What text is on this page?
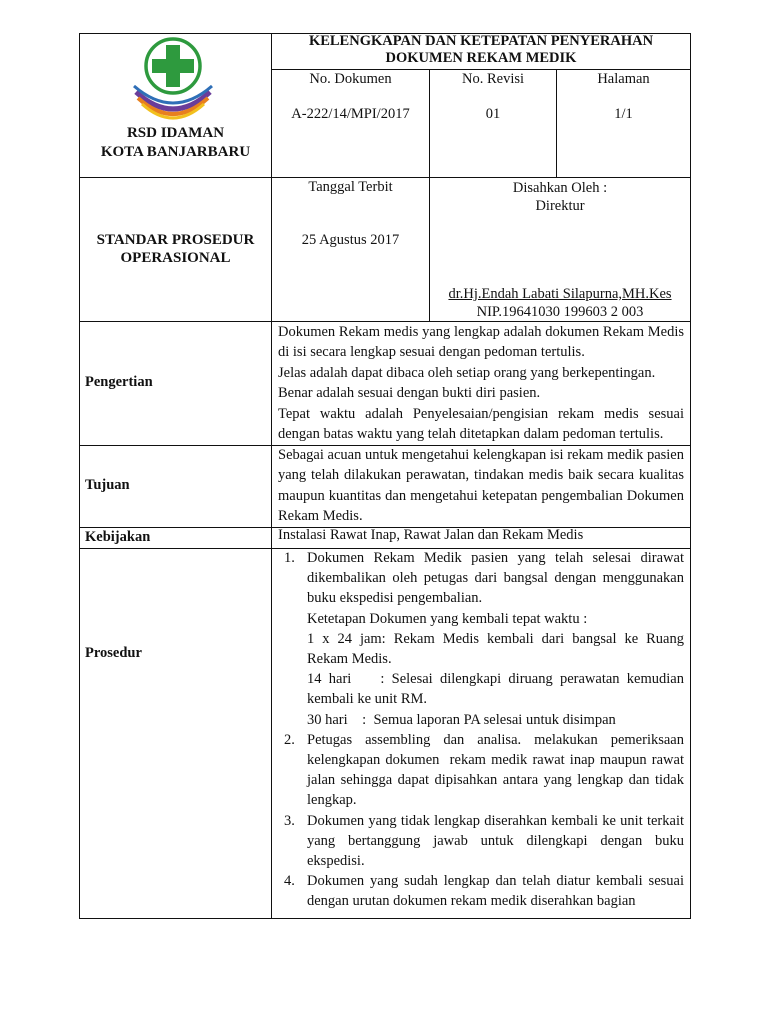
RSD IDAMAN
KOTA BANJARBARU
KELENGKAPAN DAN KETEPATAN PENYERAHAN
DOKUMEN REKAM MEDIK
No. Dokumen
A-222/14/MPI/2017
No. Revisi
01
Halaman
1/1
STANDAR PROSEDUR
OPERASIONAL
Tanggal Terbit
25 Agustus 2017
Disahkan Oleh :
Direktur
dr.Hj.Endah Labati Silapurna,MH.Kes
NIP.19641030 199603 2 003
Pengertian
Dokumen Rekam medis yang lengkap adalah dokumen Rekam Medis di isi secara lengkap sesuai dengan pedoman tertulis.
Jelas adalah dapat dibaca oleh setiap orang yang berkepentingan.
Benar adalah sesuai dengan bukti diri pasien.
Tepat waktu adalah Penyelesaian/pengisian rekam medis sesuai dengan batas waktu yang telah ditetapkan dalam pedoman tertulis.
Tujuan
Sebagai acuan untuk mengetahui kelengkapan isi rekam medik pasien yang telah dilakukan perawatan, tindakan medis baik secara kualitas maupun kuantitas dan mengetahui ketepatan pengembalian Dokumen Rekam Medis.
Kebijakan	Instalasi Rawat Inap, Rawat Jalan dan Rekam Medis
Prosedur
1. Dokumen Rekam Medik pasien yang telah selesai dirawat dikembalikan oleh petugas dari bangsal dengan menggunakan buku ekspedisi pengembalian.
Ketetapan Dokumen yang kembali tepat waktu :
1 x 24 jam: Rekam Medis kembali dari bangsal ke Ruang Rekam Medis.
14 hari    : Selesai dilengkapi diruang perawatan kemudian kembali ke unit RM.
30 hari    :  Semua laporan PA selesai untuk disimpan
2. Petugas assembling dan analisa. melakukan pemeriksaan kelengkapan dokumen  rekam medik rawat inap maupun rawat jalan sehingga dapat dipisahkan antara yang lengkap dan tidak lengkap.
3. Dokumen yang tidak lengkap diserahkan kembali ke unit terkait yang bertanggung jawab untuk dilengkapi dengan buku ekspedisi.
4. Dokumen yang sudah lengkap dan telah diatur kembali sesuai dengan urutan dokumen rekam medik diserahkan bagian
